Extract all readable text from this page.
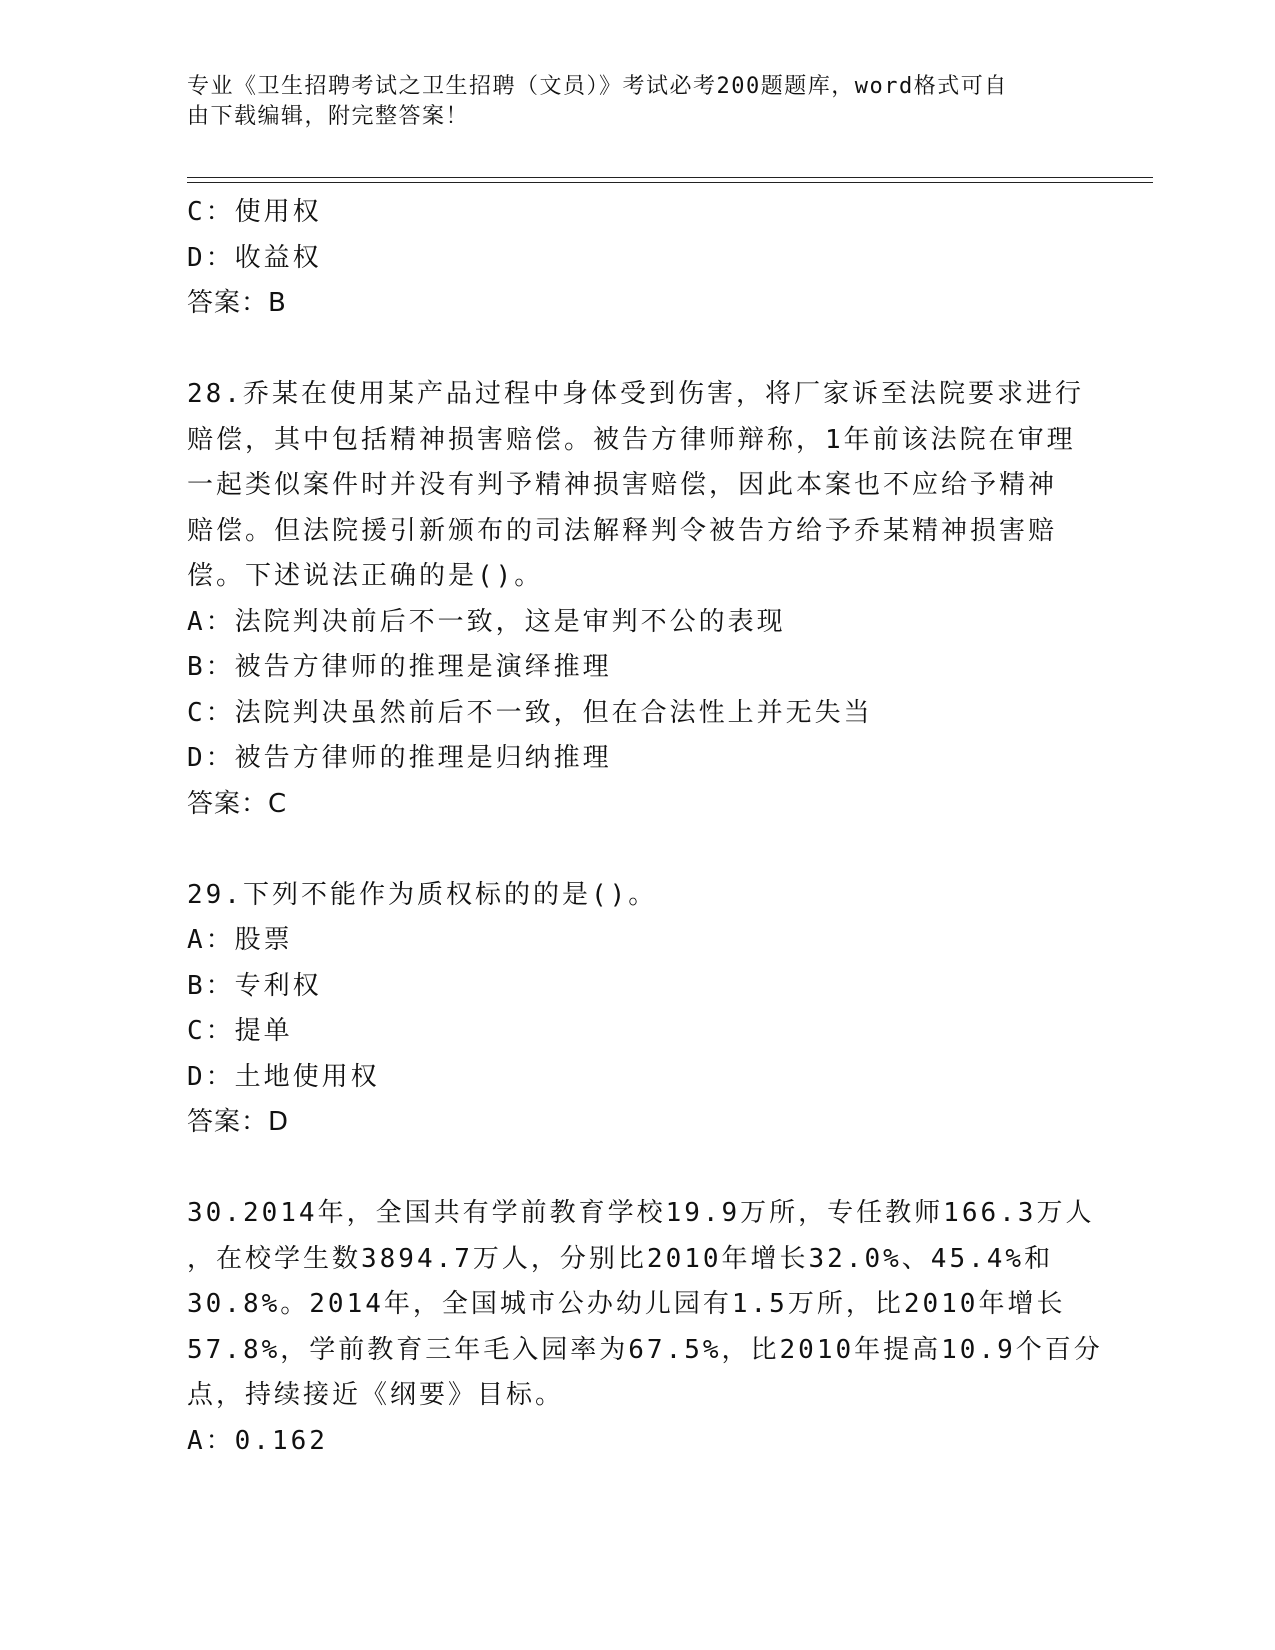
专业《卫生招聘考试之卫生招聘（文员）》考试必考200题题库，word格式可自
由下载编辑，附完整答案！
C：使用权
D：收益权
答案：B
28.乔某在使用某产品过程中身体受到伤害，将厂家诉至法院要求进行
赔偿，其中包括精神损害赔偿。被告方律师辩称，1年前该法院在审理
一起类似案件时并没有判予精神损害赔偿，因此本案也不应给予精神
赔偿。但法院援引新颁布的司法解释判令被告方给予乔某精神损害赔
偿。下述说法正确的是()。
A：法院判决前后不一致，这是审判不公的表现
B：被告方律师的推理是演绎推理
C：法院判决虽然前后不一致，但在合法性上并无失当
D：被告方律师的推理是归纳推理
答案：C
29.下列不能作为质权标的的是()。
A：股票
B：专利权
C：提单
D：土地使用权
答案：D
30.2014年，全国共有学前教育学校19.9万所，专任教师166.3万人
，在校学生数3894.7万人，分别比2010年增长32.0%、45.4%和
30.8%。2014年，全国城市公办幼儿园有1.5万所，比2010年增长
57.8%，学前教育三年毛入园率为67.5%，比2010年提高10.9个百分
点，持续接近《纲要》目标。
A：0.162
